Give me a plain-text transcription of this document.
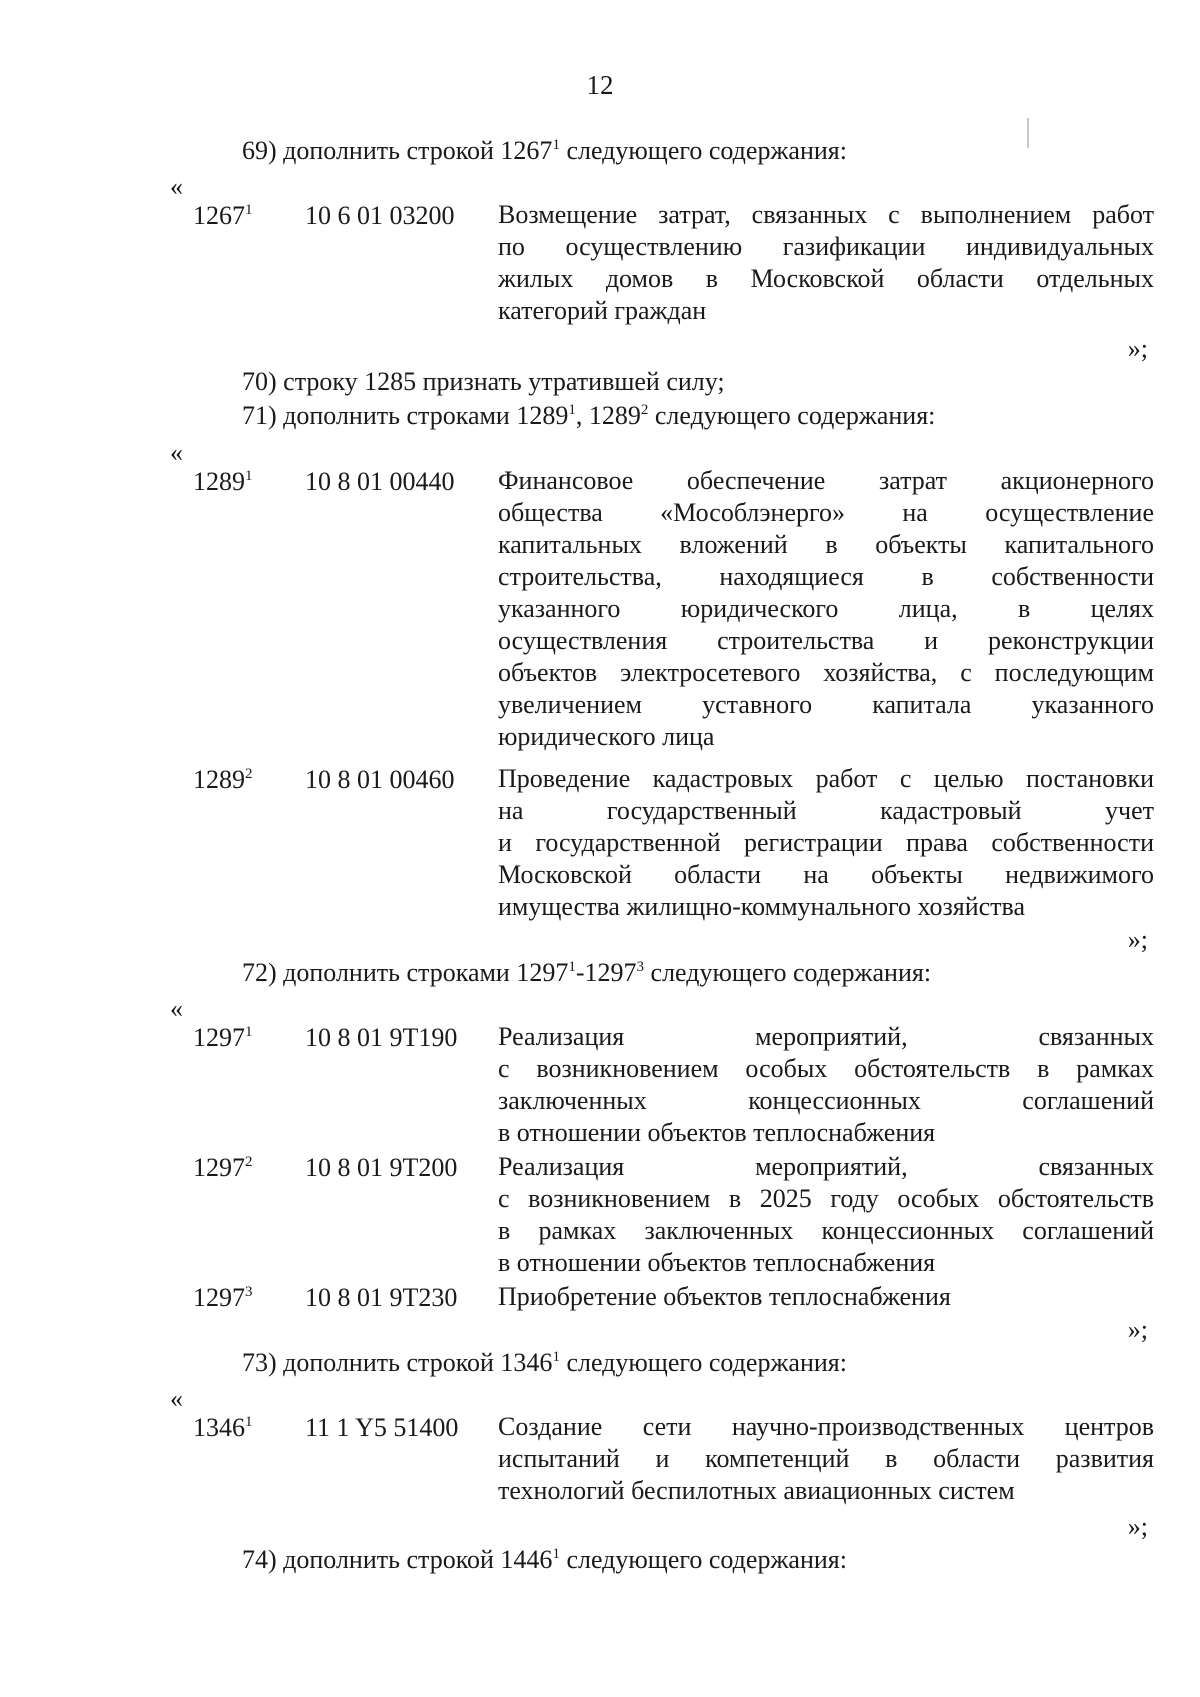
12
69) дополнить строкой 1267$^1$ следующего содержания:
«
1267$^1$ 10 6 01 03200 Возмещение затрат, связанных с выполнением работ
по осуществлению газификации индивидуальных
жилых домов в Московской области отдельных
категорий граждан
»;
70) строку 1285 признать утратившей силу;
71) дополнить строками 1289$^1$, 1289$^2$ следующего содержания:
«
1289$^1$ 10 8 01 00440 Финансовое обеспечение затрат акционерного
общества «Мособлэнерго» на осуществление
капитальных вложений в объекты капитального
строительства, находящиеся в собственности
указанного юридического лица, в целях
осуществления строительства и реконструкции
объектов электросетевого хозяйства, с последующим
увеличением уставного капитала указанного
юридического лица
1289$^2$ 10 8 01 00460 Проведение кадастровых работ с целью постановки
на государственный кадастровый учет
и государственной регистрации права собственности
Московской области на объекты недвижимого
имущества жилищно-коммунального хозяйства
»;
72) дополнить строками 1297$^1$-1297$^3$ следующего содержания:
«
1297$^1$ 10 8 01 9Т190 Реализация мероприятий, связанных
с возникновением особых обстоятельств в рамках
заключенных концессионных соглашений
в отношении объектов теплоснабжения
1297$^2$ 10 8 01 9Т200 Реализация мероприятий, связанных
с возникновением в 2025 году особых обстоятельств
в рамках заключенных концессионных соглашений
в отношении объектов теплоснабжения
1297$^3$ 10 8 01 9Т230 Приобретение объектов теплоснабжения
»;
73) дополнить строкой 1346$^1$ следующего содержания:
«
1346$^1$ 11 1 Y5 51400 Создание сети научно-производственных центров
испытаний и компетенций в области развития
технологий беспилотных авиационных систем
»;
74) дополнить строкой 1446$^1$ следующего содержания:
